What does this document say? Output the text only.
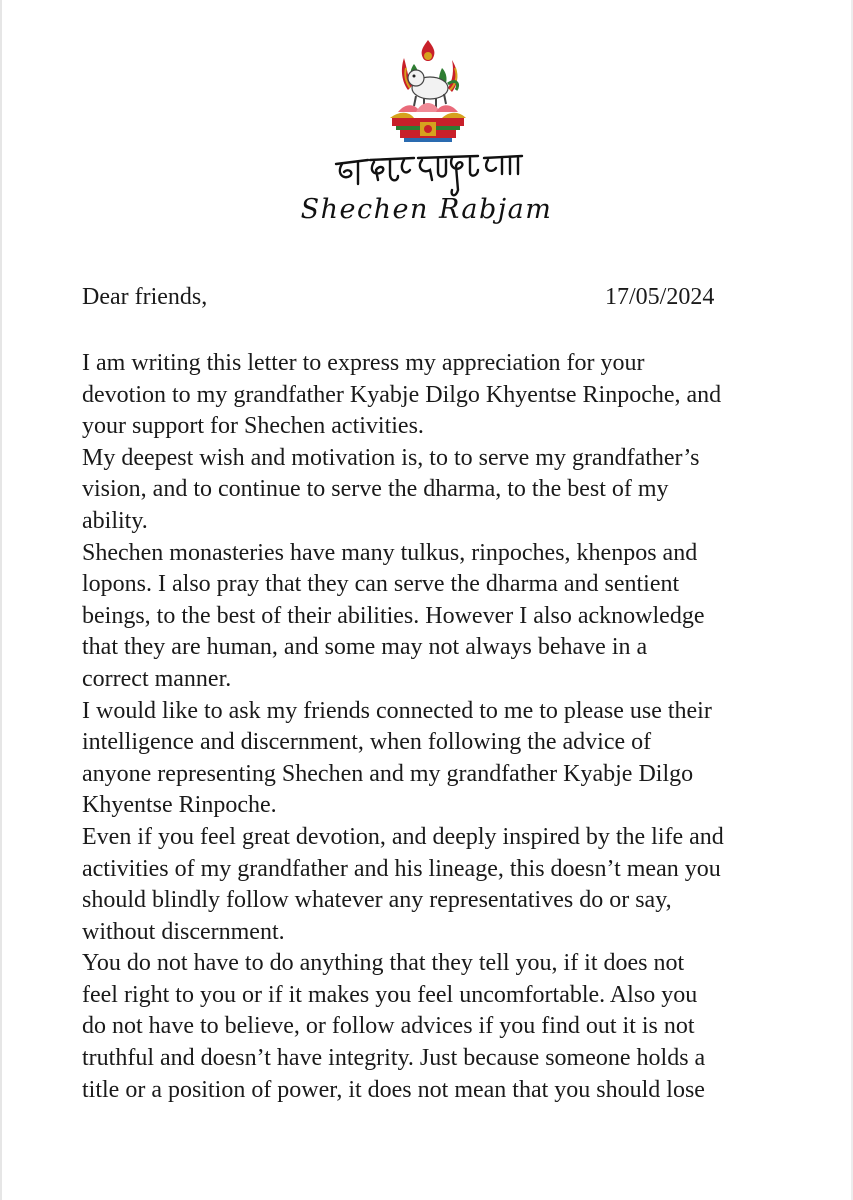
Shechen Rabjam
Dear friends,	17/05/2024

I am writing this letter to express my appreciation for your
devotion to my grandfather Kyabje Dilgo Khyentse Rinpoche, and
your support for Shechen activities.

My deepest wish and motivation is, to to serve my grandfather’s
vision, and to continue to serve the dharma, to the best of my
ability.

Shechen monasteries have many tulkus, rinpoches, khenpos and
lopons. I also pray that they can serve the dharma and sentient
beings, to the best of their abilities. However I also acknowledge
that they are human, and some may not always behave in a
correct manner.

I would like to ask my friends connected to me to please use their
intelligence and discernment, when following the advice of
anyone representing Shechen and my grandfather Kyabje Dilgo
Khyentse Rinpoche.

Even if you feel great devotion, and deeply inspired by the life and
activities of my grandfather and his lineage, this doesn’t mean you
should blindly follow whatever any representatives do or say,
without discernment.

You do not have to do anything that they tell you, if it does not
feel right to you or if it makes you feel uncomfortable. Also you
do not have to believe, or follow advices if you find out it is not
truthful and doesn’t have integrity. Just because someone holds a
title or a position of power, it does not mean that you should lose
